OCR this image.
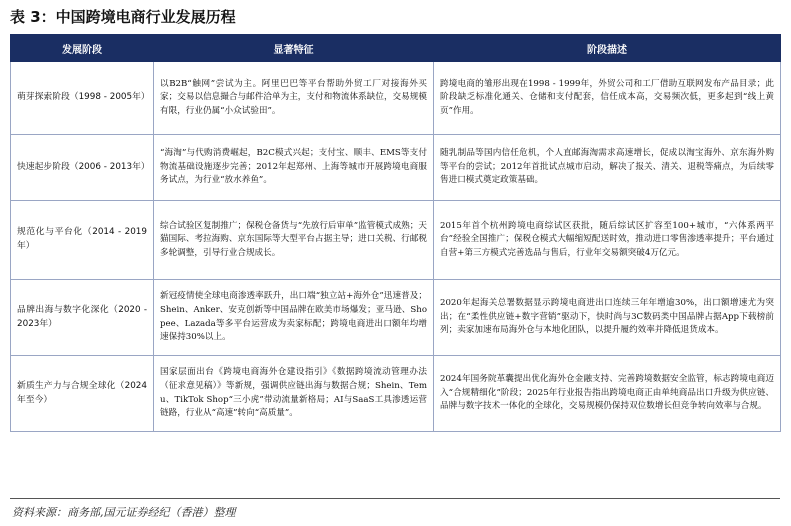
表 3：中国跨境电商行业发展历程
发展阶段	显著特征	阶段描述
萌芽探索阶段（1998 - 2005年）	以B2B“触网”尝试为主。阿里巴巴等平台帮助外贸工厂对接海外买家；交易以信息撮合与邮件洽单为主，支付和物流体系缺位，交易规模有限，行业仍属“小众试验田”。	跨境电商的雏形出现在1998 - 1999年，外贸公司和工厂借助互联网发布产品目录；此阶段缺乏标准化通关、仓储和支付配套，信任成本高，交易频次低，更多起到“线上黄页”作用。
快速起步阶段（2006 - 2013年）	“海淘”与代购消费崛起，B2C模式兴起；支付宝、顺丰、EMS等支付物流基础设施逐步完善；2012年起郑州、上海等城市开展跨境电商服务试点，为行业“放水养鱼”。	随乳制品等国内信任危机，个人直邮海淘需求高速增长，促成以淘宝海外、京东海外购等平台的尝试；2012年首批试点城市启动，解决了报关、清关、退税等痛点，为后续零售进口模式奠定政策基础。
规范化与平台化（2014 - 2019年）	综合试验区复制推广；保税仓备货与“先放行后审单”监管模式成熟；天猫国际、考拉海购、京东国际等大型平台占据主导；进口关税、行邮税多轮调整，引导行业合规成长。	2015年首个杭州跨境电商综试区获批，随后综试区扩容至100+城市，“六体系两平台”经验全国推广；保税仓模式大幅缩短配送时效，推动进口零售渗透率提升；平台通过自营+第三方模式完善选品与售后，行业年交易额突破4万亿元。
品牌出海与数字化深化（2020 - 2023年）	新冠疫情使全球电商渗透率跃升，出口端“独立站+海外仓”迅速普及；Shein、Anker、安克创新等中国品牌在欧美市场爆发；亚马逊、Shopee、Lazada等多平台运营成为卖家标配；跨境电商进出口额年均增速保持30%以上。	2020年起海关总署数据显示跨境电商进出口连续三年年增逾30%，出口额增速尤为突出；在“柔性供应链+数字营销”驱动下，快时尚与3C数码类中国品牌占据App下载榜前列；卖家加速布局海外仓与本地化团队，以提升履约效率并降低退货成本。
新质生产力与合规全球化（2024年至今）	国家层面出台《跨境电商海外仓建设指引》《数据跨境流动管理办法（征求意见稿）》等新规，强调供应链出海与数据合规；Shein、Temu、TikTok Shop“三小虎”带动流量新格局；AI与SaaS工具渗透运营链路，行业从“高速”转向“高质量”。	2024年国务院革囊提出优化海外仓金融支持、完善跨境数据安全监管，标志跨境电商迈入“合规精细化”阶段；2025年行业报告指出跨境电商正由单纯商品出口升级为供应链、品牌与数字技术一体化的全球化，交易规模仍保持双位数增长但竞争转向效率与合规。
资料来源：商务部,国元证券经纪（香港）整理
